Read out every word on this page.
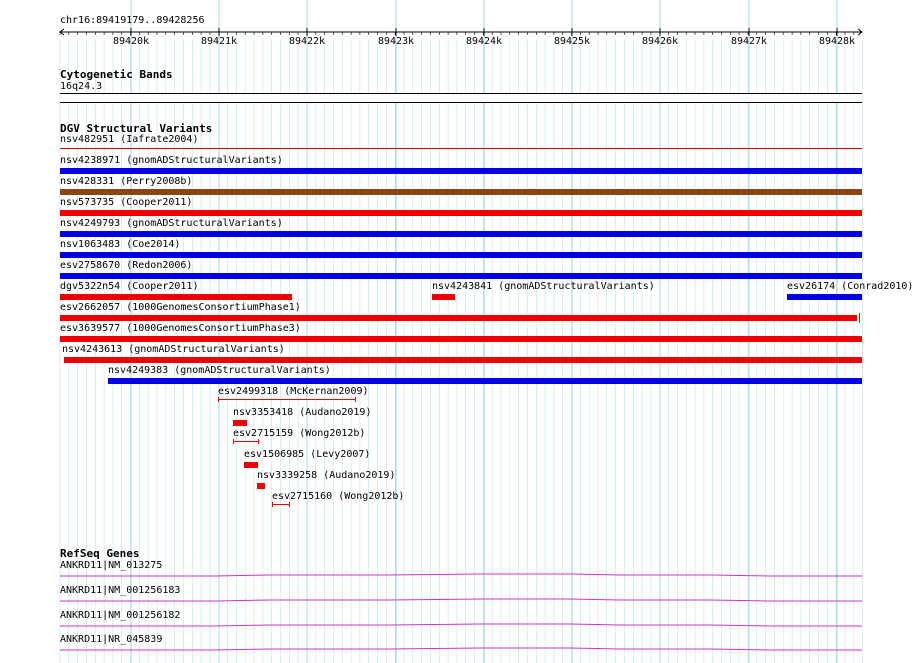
chr16:89419179..89428256
89420k	89421k	89422k	89423k	89424k	89425k	89426k	89427k	89428k
Cytogenetic Bands
16q24.3
DGV Structural Variants
nsv482951 (Iafrate2004)
nsv4238971 (gnomADStructuralVariants)
nsv428331 (Perry2008b)
nsv573735 (Cooper2011)
nsv4249793 (gnomADStructuralVariants)
nsv1063483 (Coe2014)
esv2758670 (Redon2006)
dgv5322n54 (Cooper2011)	nsv4243841 (gnomADStructuralVariants)	esv26174 (Conrad2010)
esv2662057 (1000GenomesConsortiumPhase1)
esv3639577 (1000GenomesConsortiumPhase3)
nsv4243613 (gnomADStructuralVariants)
nsv4249383 (gnomADStructuralVariants)
esv2499318 (McKernan2009)
nsv3353418 (Audano2019)
esv2715159 (Wong2012b)
esv1506985 (Levy2007)
nsv3339258 (Audano2019)
esv2715160 (Wong2012b)
RefSeq Genes
ANKRD11|NM_013275
ANKRD11|NM_001256183
ANKRD11|NM_001256182
ANKRD11|NR_045839
